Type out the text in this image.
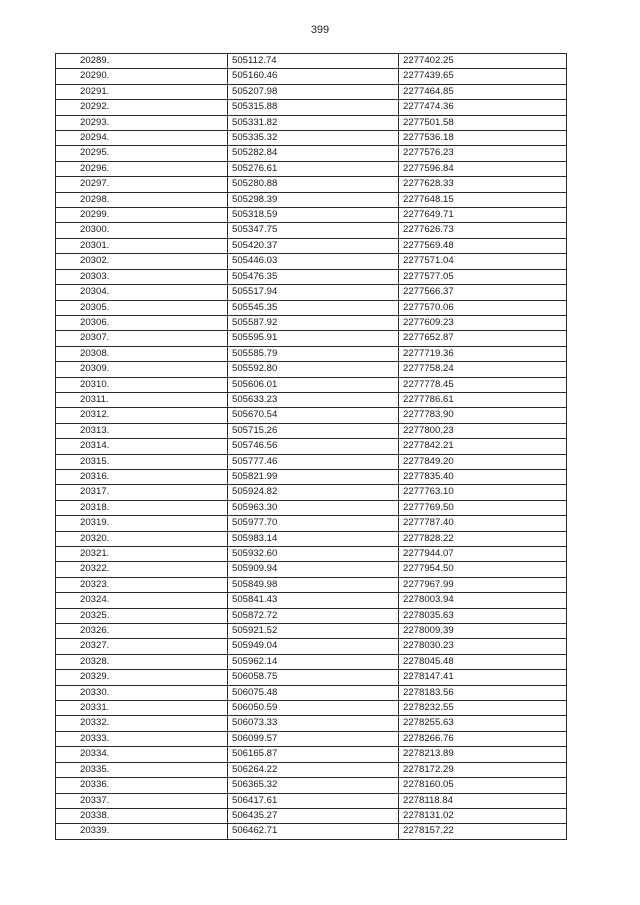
399
20289.	505112.74	2277402.25
20290.	505160.46	2277439.65
20291.	505207.98	2277464.85
20292.	505315.88	2277474.36
20293.	505331.82	2277501.58
20294.	505335.32	2277536.18
20295.	505282.84	2277576.23
20296.	505276.61	2277596.84
20297.	505280.88	2277628.33
20298.	505298.39	2277648.15
20299.	505318.59	2277649.71
20300.	505347.75	2277626.73
20301.	505420.37	2277569.48
20302.	505446.03	2277571.04
20303.	505476.35	2277577.05
20304.	505517.94	2277566.37
20305.	505545.35	2277570.06
20306.	505587.92	2277609.23
20307.	505595.91	2277652.87
20308.	505585.79	2277719.36
20309.	505592.80	2277758.24
20310.	505606.01	2277778.45
20311.	505633.23	2277786.61
20312.	505670.54	2277783.90
20313.	505715.26	2277800.23
20314.	505746.56	2277842.21
20315.	505777.46	2277849.20
20316.	505821.99	2277835.40
20317.	505924.82	2277763.10
20318.	505963.30	2277769.50
20319.	505977.70	2277787.40
20320.	505983.14	2277828.22
20321.	505932.60	2277944.07
20322.	505909.94	2277954.50
20323.	505849.98	2277967.99
20324.	505841.43	2278003.94
20325.	505872.72	2278035.63
20326.	505921.52	2278009.39
20327.	505949.04	2278030.23
20328.	505962.14	2278045.48
20329.	506058.75	2278147.41
20330.	506075.48	2278183.56
20331.	506050.59	2278232.55
20332.	506073.33	2278255.63
20333.	506099.57	2278266.76
20334.	506165.87	2278213.89
20335.	506264.22	2278172.29
20336.	506365.32	2278160.05
20337.	506417.61	2278118.84
20338.	506435.27	2278131.02
20339.	506462.71	2278157.22
